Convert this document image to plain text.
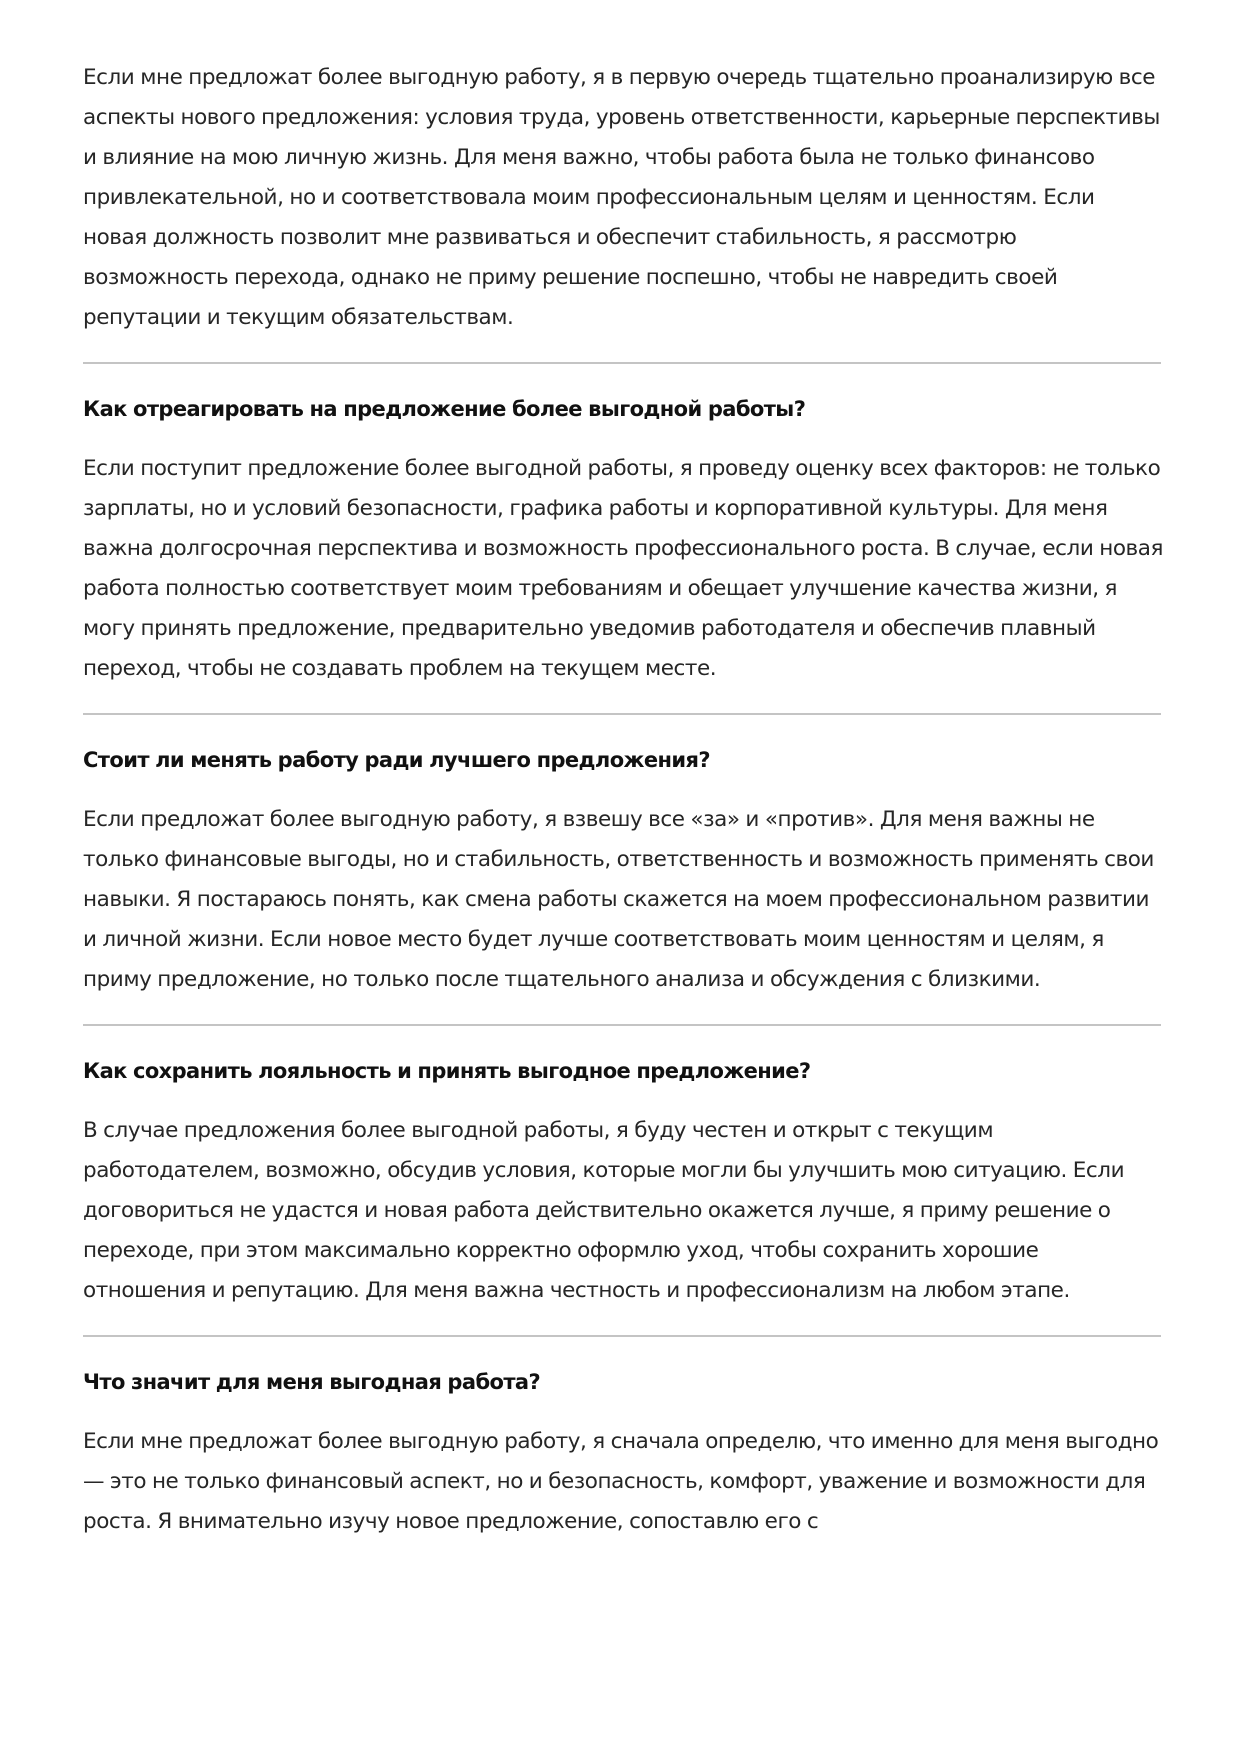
Если мне предложат более выгодную работу, я в первую очередь тщательно проанализирую все аспекты нового предложения: условия труда, уровень ответственности, карьерные перспективы и влияние на мою личную жизнь. Для меня важно, чтобы работа была не только финансово привлекательной, но и соответствовала моим профессиональным целям и ценностям. Если новая должность позволит мне развиваться и обеспечит стабильность, я рассмотрю возможность перехода, однако не приму решение поспешно, чтобы не навредить своей репутации и текущим обязательствам.

Как отреагировать на предложение более выгодной работы?

Если поступит предложение более выгодной работы, я проведу оценку всех факторов: не только зарплаты, но и условий безопасности, графика работы и корпоративной культуры. Для меня важна долгосрочная перспектива и возможность профессионального роста. В случае, если новая работа полностью соответствует моим требованиям и обещает улучшение качества жизни, я могу принять предложение, предварительно уведомив работодателя и обеспечив плавный переход, чтобы не создавать проблем на текущем месте.

Стоит ли менять работу ради лучшего предложения?

Если предложат более выгодную работу, я взвешу все «за» и «против». Для меня важны не только финансовые выгоды, но и стабильность, ответственность и возможность применять свои навыки. Я постараюсь понять, как смена работы скажется на моем профессиональном развитии и личной жизни. Если новое место будет лучше соответствовать моим ценностям и целям, я приму предложение, но только после тщательного анализа и обсуждения с близкими.

Как сохранить лояльность и принять выгодное предложение?

В случае предложения более выгодной работы, я буду честен и открыт с текущим работодателем, возможно, обсудив условия, которые могли бы улучшить мою ситуацию. Если договориться не удастся и новая работа действительно окажется лучше, я приму решение о переходе, при этом максимально корректно оформлю уход, чтобы сохранить хорошие отношения и репутацию. Для меня важна честность и профессионализм на любом этапе.

Что значит для меня выгодная работа?

Если мне предложат более выгодную работу, я сначала определю, что именно для меня выгодно — это не только финансовый аспект, но и безопасность, комфорт, уважение и возможности для роста. Я внимательно изучу новое предложение, сопоставлю его с
